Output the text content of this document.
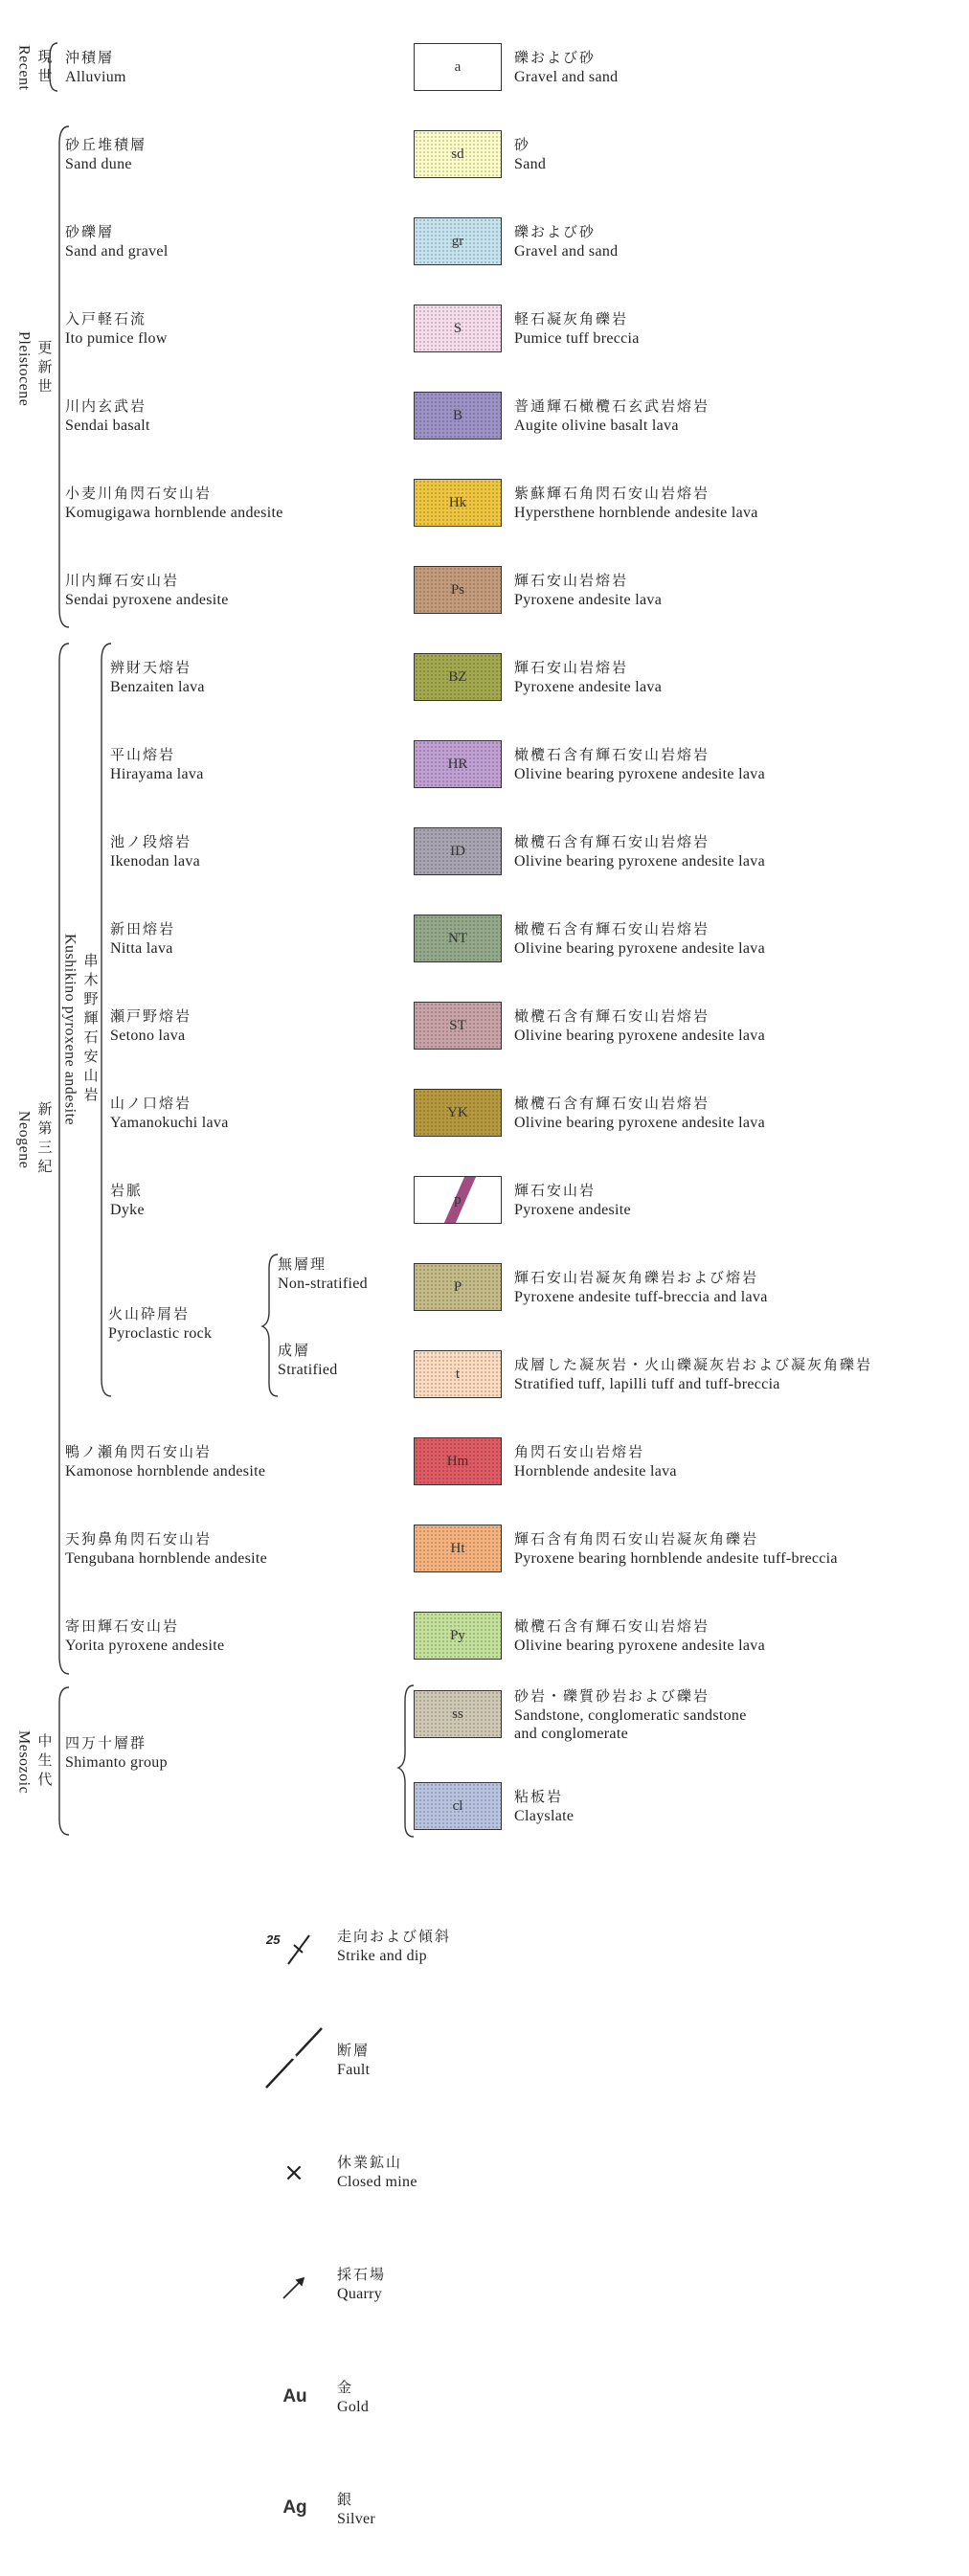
現世
Recent
更新世
Pleistocene
新第三紀
Neogene
中生代
Mesozoic
串木野輝石安山岩
Kushikino pyroxene andesite
火山砕屑岩
Pyroclastic rock
無層理
Non-stratified
成層
Stratified
四万十層群
Shimanto group
沖積層
Alluvium
a
礫および砂
Gravel and sand
砂丘堆積層
Sand dune
sd
砂
Sand
砂礫層
Sand and gravel
gr
礫および砂
Gravel and sand
入戸軽石流
Ito pumice flow
S
軽石凝灰角礫岩
Pumice tuff breccia
川内玄武岩
Sendai basalt
B
普通輝石橄欖石玄武岩熔岩
Augite olivine basalt lava
小麦川角閃石安山岩
Komugigawa hornblende andesite
Hk
紫蘇輝石角閃石安山岩熔岩
Hypersthene hornblende andesite lava
川内輝石安山岩
Sendai pyroxene andesite
Ps
輝石安山岩熔岩
Pyroxene andesite lava
辨財天熔岩
Benzaiten lava
BZ
輝石安山岩熔岩
Pyroxene andesite lava
平山熔岩
Hirayama lava
HR
橄欖石含有輝石安山岩熔岩
Olivine bearing pyroxene andesite lava
池ノ段熔岩
Ikenodan lava
ID
橄欖石含有輝石安山岩熔岩
Olivine bearing pyroxene andesite lava
新田熔岩
Nitta lava
NT
橄欖石含有輝石安山岩熔岩
Olivine bearing pyroxene andesite lava
瀬戸野熔岩
Setono lava
ST
橄欖石含有輝石安山岩熔岩
Olivine bearing pyroxene andesite lava
山ノ口熔岩
Yamanokuchi lava
YK
橄欖石含有輝石安山岩熔岩
Olivine bearing pyroxene andesite lava
岩脈
Dyke
p
輝石安山岩
Pyroxene andesite
P
輝石安山岩凝灰角礫岩および熔岩
Pyroxene andesite tuff-breccia and lava
t
成層した凝灰岩・火山礫凝灰岩および凝灰角礫岩
Stratified tuff, lapilli tuff and tuff-breccia
鴨ノ瀬角閃石安山岩
Kamonose hornblende andesite
Hm
角閃石安山岩熔岩
Hornblende andesite lava
天狗鼻角閃石安山岩
Tengubana hornblende andesite
Ht
輝石含有角閃石安山岩凝灰角礫岩
Pyroxene bearing hornblende andesite tuff-breccia
寄田輝石安山岩
Yorita pyroxene andesite
Py
橄欖石含有輝石安山岩熔岩
Olivine bearing pyroxene andesite lava
ss
砂岩・礫質砂岩および礫岩
Sandstone, conglomeratic sandstone
and conglomerate
cl
粘板岩
Clayslate
25	走向および傾斜
Strike and dip
断層
Fault
× 休業鉱山
Closed mine
採石場
Quarry
Au 金
Gold
Ag 銀
Silver
